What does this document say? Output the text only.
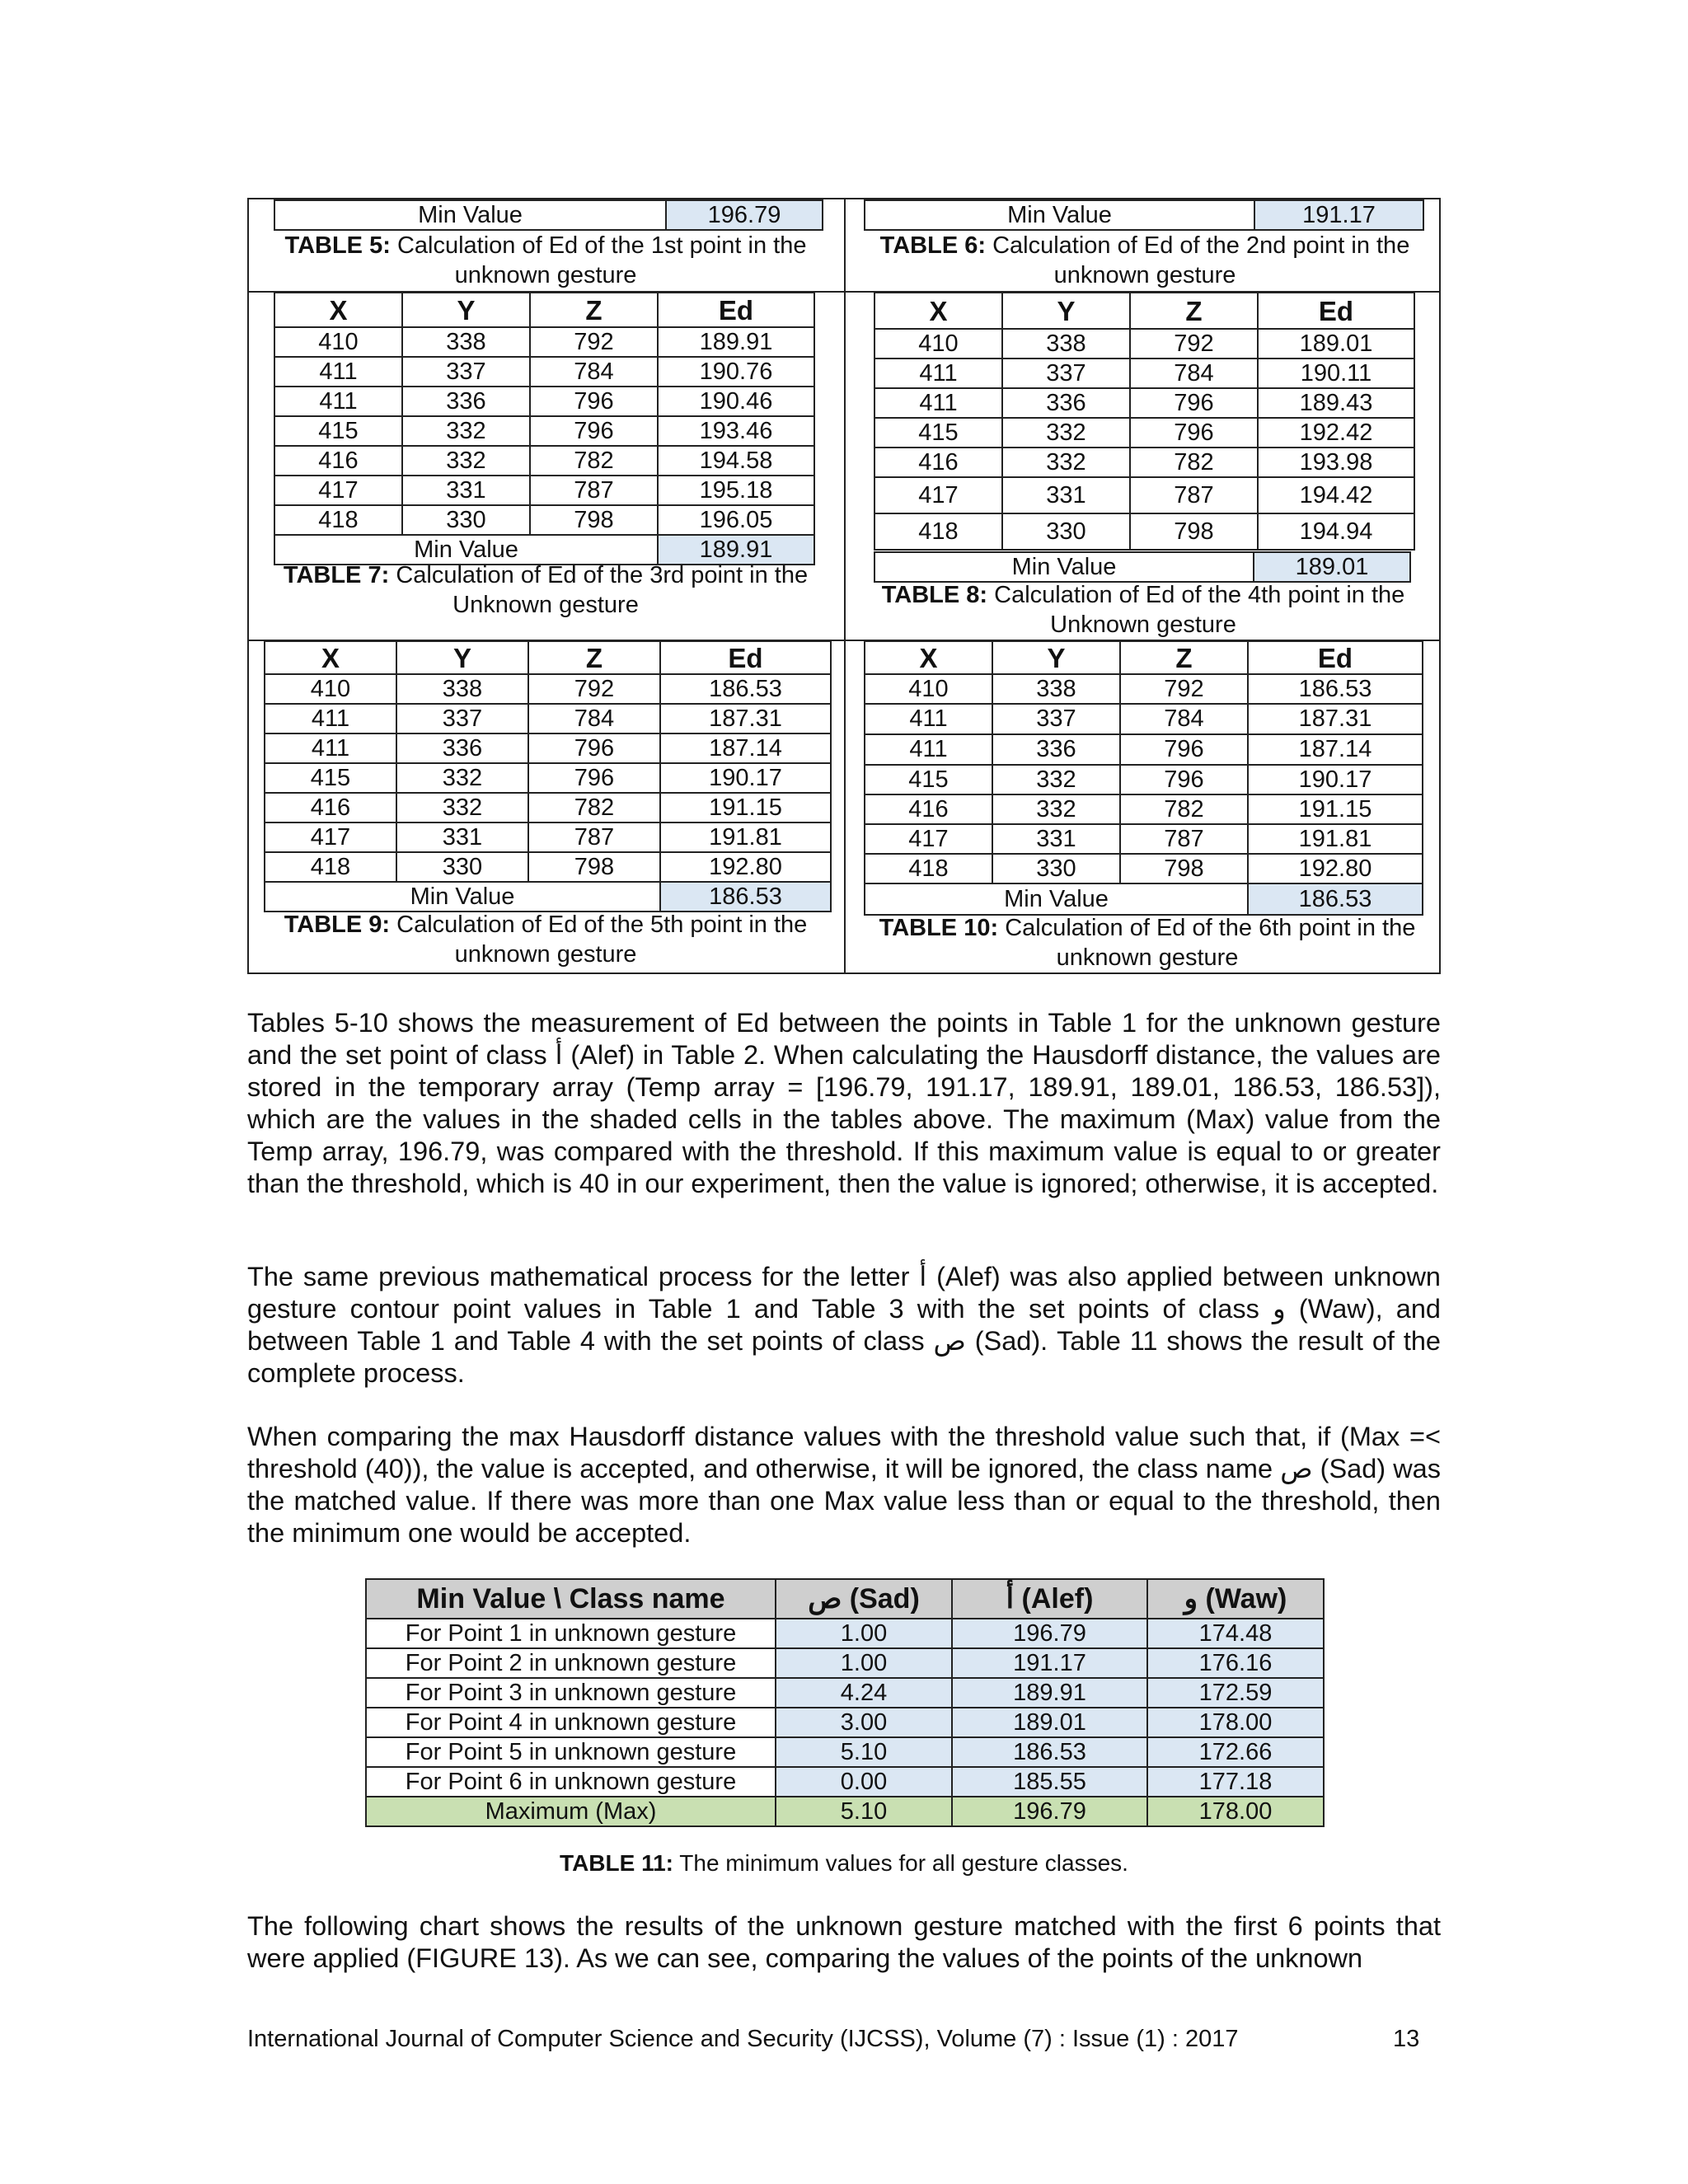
Min Value	196.79
TABLE 5: Calculation of Ed of the 1st point in the unknown gesture
Min Value	191.17
TABLE 6: Calculation of Ed of the 2nd point in the unknown gesture
X	Y	Z	Ed
410	338	792	189.91
411	337	784	190.76
411	336	796	190.46
415	332	796	193.46
416	332	782	194.58
417	331	787	195.18
418	330	798	196.05
Min Value			189.91
TABLE 7: Calculation of Ed of the 3rd point in the Unknown gesture
X	Y	Z	Ed
410	338	792	189.01
411	337	784	190.11
411	336	796	189.43
415	332	796	192.42
416	332	782	193.98
417	331	787	194.42
418	330	798	194.94
Min Value	189.01
TABLE 8: Calculation of Ed of the 4th point in the Unknown gesture
X	Y	Z	Ed
410	338	792	186.53
411	337	784	187.31
411	336	796	187.14
415	332	796	190.17
416	332	782	191.15
417	331	787	191.81
418	330	798	192.80
Min Value			186.53
TABLE 9: Calculation of Ed of the 5th point in the unknown gesture
X	Y	Z	Ed
410	338	792	186.53
411	337	784	187.31
411	336	796	187.14
415	332	796	190.17
416	332	782	191.15
417	331	787	191.81
418	330	798	192.80
Min Value			186.53
TABLE 10: Calculation of Ed of the 6th point in the unknown gesture

Tables 5-10 shows the measurement of Ed between the points in Table 1 for the unknown gesture and the set point of class أ (Alef) in Table 2. When calculating the Hausdorff distance, the values are stored in the temporary array (Temp array = [196.79, 191.17, 189.91, 189.01, 186.53, 186.53]), which are the values in the shaded cells in the tables above. The maximum (Max) value from the Temp array, 196.79, was compared with the threshold. If this maximum value is equal to or greater than the threshold, which is 40 in our experiment, then the value is ignored; otherwise, it is accepted.

The same previous mathematical process for the letter أ (Alef) was also applied between unknown gesture contour point values in Table 1 and Table 3 with the set points of class و (Waw), and between Table 1 and Table 4 with the set points of class ص (Sad). Table 11 shows the result of the complete process.

When comparing the max Hausdorff distance values with the threshold value such that, if (Max =< threshold (40)), the value is accepted, and otherwise, it will be ignored, the class name ص (Sad) was the matched value. If there was more than one Max value less than or equal to the threshold, then the minimum one would be accepted.

Min Value \ Class name	ص (Sad)	أ (Alef)	و (Waw)
For Point 1 in unknown gesture	1.00	196.79	174.48
For Point 2 in unknown gesture	1.00	191.17	176.16
For Point 3 in unknown gesture	4.24	189.91	172.59
For Point 4 in unknown gesture	3.00	189.01	178.00
For Point 5 in unknown gesture	5.10	186.53	172.66
For Point 6 in unknown gesture	0.00	185.55	177.18
Maximum (Max)	5.10	196.79	178.00
TABLE 11: The minimum values for all gesture classes.

The following chart shows the results of the unknown gesture matched with the first 6 points that were applied (FIGURE 13). As we can see, comparing the values of the points of the unknown

International Journal of Computer Science and Security (IJCSS), Volume (7) : Issue (1) : 2017	13
